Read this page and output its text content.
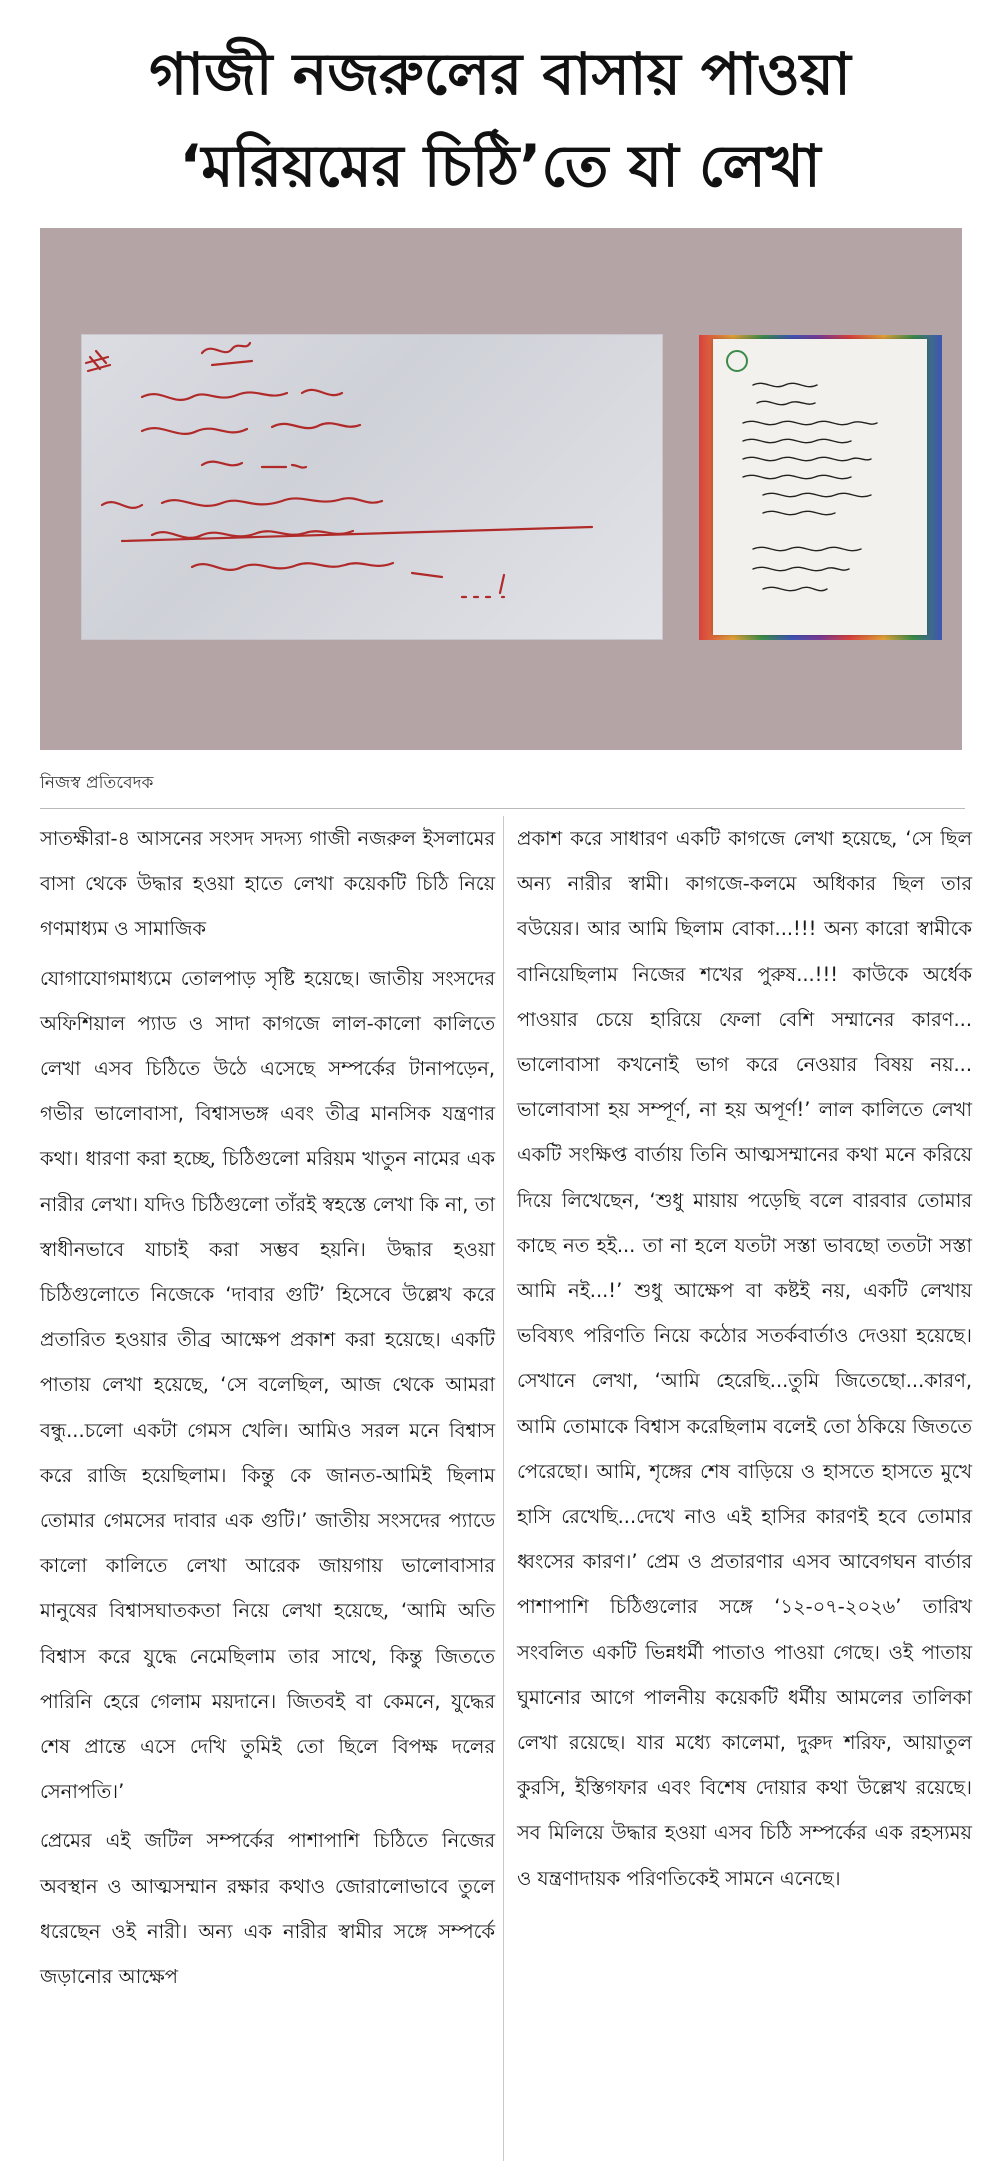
গাজী নজরুলের বাসায় পাওয়া
‘মরিয়মের চিঠি’তে যা লেখা
নিজস্ব প্রতিবেদক

সাতক্ষীরা-৪ আসনের সংসদ সদস্য গাজী নজরুল ইসলামের বাসা থেকে উদ্ধার হওয়া হাতে লেখা কয়েকটি চিঠি নিয়ে গণমাধ্যম ও সামাজিক

যোগাযোগমাধ্যমে তোলপাড় সৃষ্টি হয়েছে। জাতীয় সংসদের অফিশিয়াল প্যাড ও সাদা কাগজে লাল-কালো কালিতে লেখা এসব চিঠিতে উঠে এসেছে সম্পর্কের টানাপড়েন, গভীর ভালোবাসা, বিশ্বাসভঙ্গ এবং তীব্র মানসিক যন্ত্রণার কথা। ধারণা করা হচ্ছে, চিঠিগুলো মরিয়ম খাতুন নামের এক নারীর লেখা। যদিও চিঠিগুলো তাঁরই স্বহস্তে লেখা কি না, তা স্বাধীনভাবে যাচাই করা সম্ভব হয়নি। উদ্ধার হওয়া চিঠিগুলোতে নিজেকে ‘দাবার গুটি’ হিসেবে উল্লেখ করে প্রতারিত হওয়ার তীব্র আক্ষেপ প্রকাশ করা হয়েছে। একটি পাতায় লেখা হয়েছে, ‘সে বলেছিল, আজ থেকে আমরা বন্ধু...চলো একটা গেমস খেলি। আমিও সরল মনে বিশ্বাস করে রাজি হয়েছিলাম। কিন্তু কে জানত-আমিই ছিলাম তোমার গেমসের দাবার এক গুটি।’ জাতীয় সংসদের প্যাডে কালো কালিতে লেখা আরেক জায়গায় ভালোবাসার মানুষের বিশ্বাসঘাতকতা নিয়ে লেখা হয়েছে, ‘আমি অতি বিশ্বাস করে যুদ্ধে নেমেছিলাম তার সাথে, কিন্তু জিততে পারিনি হেরে গেলাম ময়দানে। জিতবই বা কেমনে, যুদ্ধের শেষ প্রান্তে এসে দেখি তুমিই তো ছিলে বিপক্ষ দলের সেনাপতি।’

প্রেমের এই জটিল সম্পর্কের পাশাপাশি চিঠিতে নিজের অবস্থান ও আত্মসম্মান রক্ষার কথাও জোরালোভাবে তুলে ধরেছেন ওই নারী। অন্য এক নারীর স্বামীর সঙ্গে সম্পর্কে জড়ানোর আক্ষেপ

প্রকাশ করে সাধারণ একটি কাগজে লেখা হয়েছে, ‘সে ছিল অন্য নারীর স্বামী। কাগজে-কলমে অধিকার ছিল তার বউয়ের। আর আমি ছিলাম বোকা...!!! অন্য কারো স্বামীকে বানিয়েছিলাম নিজের শখের পুরুষ...!!! কাউকে অর্ধেক পাওয়ার চেয়ে হারিয়ে ফেলা বেশি সম্মানের কারণ... ভালোবাসা কখনোই ভাগ করে নেওয়ার বিষয় নয়... ভালোবাসা হয় সম্পূর্ণ, না হয় অপূর্ণ!’ লাল কালিতে লেখা একটি সংক্ষিপ্ত বার্তায় তিনি আত্মসম্মানের কথা মনে করিয়ে দিয়ে লিখেছেন, ‘শুধু মায়ায় পড়েছি বলে বারবার তোমার কাছে নত হই... তা না হলে যতটা সস্তা ভাবছো ততটা সস্তা আমি নই...!’ শুধু আক্ষেপ বা কষ্টই নয়, একটি লেখায় ভবিষ্যৎ পরিণতি নিয়ে কঠোর সতর্কবার্তাও দেওয়া হয়েছে। সেখানে লেখা, ‘আমি হেরেছি...তুমি জিতেছো...কারণ, আমি তোমাকে বিশ্বাস করেছিলাম বলেই তো ঠকিয়ে জিততে পেরেছো। আমি, শৃঙ্গের শেষ বাড়িয়ে ও হাসতে হাসতে মুখে হাসি রেখেছি...দেখে নাও এই হাসির কারণই হবে তোমার ধ্বংসের কারণ।’ প্রেম ও প্রতারণার এসব আবেগঘন বার্তার পাশাপাশি চিঠিগুলোর সঙ্গে ‘১২-০৭-২০২৬’ তারিখ সংবলিত একটি ভিন্নধর্মী পাতাও পাওয়া গেছে। ওই পাতায় ঘুমানোর আগে পালনীয় কয়েকটি ধর্মীয় আমলের তালিকা লেখা রয়েছে। যার মধ্যে কালেমা, দুরুদ শরিফ, আয়াতুল কুরসি, ইস্তিগফার এবং বিশেষ দোয়ার কথা উল্লেখ রয়েছে। সব মিলিয়ে উদ্ধার হওয়া এসব চিঠি সম্পর্কের এক রহস্যময় ও যন্ত্রণাদায়ক পরিণতিকেই সামনে এনেছে।
